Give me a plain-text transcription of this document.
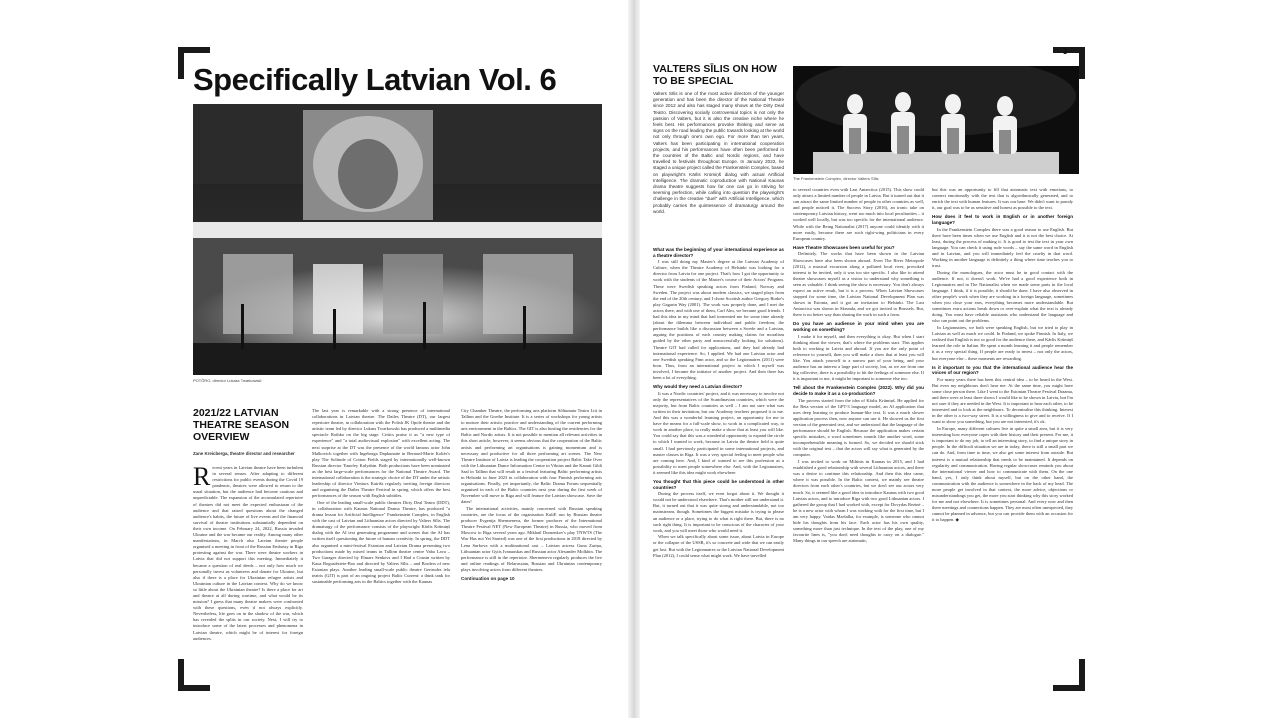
Specifically Latvian Vol. 6
POTÕRO, director Lukass Twarkowski
2021/22 LATVIAN THEATRE SEASON OVERVIEW
Zane Kreicberga, theatre director and researcher

Recent years in Latvian theatre have been turbulent in several senses. After adapting to different restrictions for public events during the Covid 19 pandemic, theatres were allowed to return to the usual situation, but the audience had become cautious and unpredictable. The expansion of the accumulated repertoire of theatres did not meet the expected enthusiasm of the audience and that raised questions about the changed audience's habits, the future of live events and the financial survival of theatre institutions substantially dependent on their own income. On February 24, 2022, Russia invaded Ukraine and the war became our reality. Among many other manifestations, in March also Latvian theatre people organised a meeting in front of the Russian Embassy in Riga protesting against the war. There were theatre workers in Latvia that did not support this meeting. Immediately it became a question of real deeds – not only how much we personally invest as volunteers and donate for Ukraine, but also if there is a place for Ukrainian refugee artists and Ukrainian culture in the Latvian context. Why do we know so little about the Ukrainian theatre? Is there a place for art and theatre at all during wartime, and what would be its mission? I guess that many theatre makers were confronted with these questions, even if not always explicitly. Nevertheless, life goes on in the shadow of the war, which has revealed the splits in our society. Next, I will try to introduce some of the latest processes and phenomena in Latvian theatre, which might be of interest for foreign audiences.

The last year is remarkable with a strong presence of international collaborations in Latvian theatre. The Dailes Theatre (DT), our largest repertoire theatre, in collaboration with the Polish JK Opole theatre and the artistic team led by director Lukass Twarkowski has produced a multimedia spectacle Rothko on the big stage. Critics praise it as "a new type of experience" and "a total audiovisual explosion" with excellent acting. The next surprise at the DT was the presence of the world famous actor John Malkovich together with Ingeborga Dapkunaite in Bernard-Marie Koltès's play The Solitude of Cotton Fields staged by internationally well-known Russian director Timofey Kulyabin. Both productions have been nominated as the best large-scale performances for the National Theatre Award. The international collaboration is the strategic choice of the DT under the artistic leadership of director Viesturs Kairišs regularly inviting foreign directors and organising the Dailes Theatre Festival in spring, which offers the best performances of the season with English subtitles.

One of the leading small-scale public theatres Dirty Deal Teatro (DDT), in collaboration with Kaunas National Drama Theatre, has produced "a drama lesson for Artificial Intelligence" Frankenstein Complex, in English with the cast of Latvian and Lithuanian actors directed by Valters Sīlis. The dramaturgy of the performance consists of the playwright Kārlis Krūmiņš dialog with the AI text generating programme and scenes that the AI has written itself questioning the future of human creativity. In spring, the DDT also organised a mini-festival Estonian and Latvian Drama presenting two productions made by mixed teams in Tallinn theatre centre Vaba Lava – Two Garages directed by Elmars Senkovs and I Had a Cousin written by Kaua Bogustēziete-Boo and directed by Valters Sīlis – and Borders of new Estonian plays. Another leading small-scale public theatre Gertrudes iela teatris (GIT) is part of an ongoing project Baltic Current: a think tank for sustainable performing arts in the Baltics together with the Kaunas

City Chamber Theatre, the performing arts platform Sõltumatu Teatru Liit in Tallinn and the Goethe Institute. It is a series of workshops for young artists to nurture their artistic practice and understanding of the current performing arts environment in the Baltics. The GIT is also hosting the residencies for the Baltic and Nordic artists. It is not possible to mention all relevant activities in this short article; however, it seems obvious that the cooperation of the Baltic artists and performing art organisations is gaining momentum and is necessary and productive for all three performing art scenes. The New Theatre Institute of Latvia is leading the cooperation project Baltic Take Over with the Lithuanian Dance Information Centre in Vilnius and the Kanuti Gildi Saal in Tallinn that will result in a festival featuring Baltic performing artists in Helsinki in June 2023 in collaboration with four Finnish performing arts organisations. Finally, yet importantly, the Baltic Drama Forum sequentially organised in each of the Baltic countries next year during the first week of November will move to Riga and will feature the Latvian showcase. Save the dates!

The international activities, mainly concerned with Russian speaking countries, are the focus of the organisation KultE run by Russian theatre producer Evgenija Shermeneva, the former producer of the International Theatre Festival NET (New European Theatre) in Russia, who moved from Moscow to Riga several years ago. Mikhail Durnenkov's play TNWTS (The War Has not Yet Started) was one of the first productions in 2018 directed by Lena Surkova with a multinational cast – Latvian actress Guna Zariņa, Lithuanian actor Gytis Ivanauskas and Russian actor Alexander Molkhin. The performance is still in the repertoire. Shermeneva regularly produces the live and online readings of Belarussian, Russian and Ukrainian contemporary plays involving actors from different theatres.

Continuation on page 10
3
VALTERS SĪLIS ON HOW TO BE SPECIAL
The Frankenstein Complex, director Valters Sīlis

Valters Sīlis is one of the most active directors of the younger generation and has been the director of the National Theatre since 2012 and also has staged many shows at the Dirty Deal Teatro. Discovering socially controversial topics is not only the passion of Valters, but it is also the creative niche where he feels best. His performances provoke thinking and serve as signs on the road leading the public towards looking at the world not only through one's own ego. For more than ten years, Valters has been participating in international cooperation projects, and his performances have often been performed in the countries of the Baltic and Nordic regions, and have travelled to festivals throughout Europe. In January 2022, he staged a unique project called the Frankenstein Complex, based on playwright's Kārlis Krūmiņš dialog with actual Artificial Intelligence. The dramatic coproduction with National Kaunas drama theatre suggests how far one can go in striving for seeming perfection, while calling into question the playwright's challenge in the creative "duel" with Artificial Intelligence, which probably carries the quintessence of dramaturgy around the world.

What was the beginning of your international experience as a theatre director?

I was still doing my Master's degree at the Latvian Academy of Culture, when the Theatre Academy of Helsinki was looking for a director from Latvia for one project. That's how I got the opportunity to work with the students of the Master's course of their Actors' Program. These were Swedish speaking actors from Finland, Norway and Sweden. The project was about modern classics, we staged plays from the end of the 20th century, and I chose Scottish author Gregory Burke's play Gagarin Way (2001). The work was properly done, and I met the actors there, and with one of them, Carl Alm, we became good friends. I had this idea in my mind that had tormented me for some time already (about the dilemma between individual and public freedom; the performance builds like a discussion between a Swede and a Latvian, arguing the positions of each country making claims for moralism guided by the other party and unsuccessfully looking for solutions). Theatre GIT had called for applications, and they had already had international experience. So, I applied. We had one Latvian actor and one Swedish speaking Finn actor, and so the Legionnaires (2011) were born. Thus, from an international project in which I myself was involved, I became the initiator of another project. And then there has been a lot of everything.

Why would they need a Latvian director?

It was a Nordic countries' project, and it was necessary to involve not only the representatives of the Scandinavian countries, which were the majority, but from Baltic countries as well – I am not sure what was written in their invitation, but our Academy teachers proposed it to me. And this was a wonderful learning project, an opportunity for me to have the means for a full-scale show, to work in a complicated way, to work in another place, to really make a show that at least you will like. You could say that this was a wonderful opportunity to expand the circle to which I wanted to work, because in Latvia the theatre field is quite small. I had previously participated in some international projects, and master classes in Riga. It was a very special feeling to meet people who are coming here. And, I kind of wanted to see this profession as a possibility to meet people somewhere else. And, with the Legionnaires, it seemed like this idea might work elsewhere.

You thought that this piece could be understood in other countries?

During the process itself, we even forgot about it. We thought it would not be understood elsewhere. That's mother still not understand it. But, it turned out that it was quite strong and understandable, not too mainstream, though. Sometimes the biggest mistake is trying to please an audience or a place, trying to do what is right there. But, there is no such right thing. It is important to be conscious of the character of your work, and you will meet those who would need it.

When we talk specifically about some issue, about Latvia in Europe or the collapse of the USSR, it's so concrete and wide that we can easily get lost. But with the Legionnaires or the Latvian National Development Plan (2012), I could sense what might work. We have travelled

to several countries even with Last Antarctica (2015). This show could only attract a limited number of people in Latvia. But it turned out that it can attract the same limited number of people in other countries as well, and people noticed it. The Success Story (2016), an ironic take on contemporary Latvian history, went too much into local peculiarities – it worked well locally, but was too specific for the international audience. While with the Being Nationalist (2017) anyone could identify with it more easily, because there are such right-wing politicians in every European country.

Have Theatre Showcases been useful for you?

Definitely. The works that have been shown in the Latvian Showcases have also been shown abroad. Even The River Metropole (2012), a musical excursion along a polluted local river, provoked interest to be invited, only it was too site specific. I also like to attend theatre showcases myself as a visitor to understand why something is seen as valuable. I think seeing the show is necessary. You don't always expect an active result, but it is a process. When Latvian Showcases stopped for some time, the Latvian National Development Plan was shown in Estonia, and it got an invitation to Helsinki. The Last Antarctica was shown in Skrunda, and we got invited to Brussels. But, there is no better way than sharing the work in such a form.

Do you have an audience in your mind when you are working on something?

I make it for myself, and then everything is okay. But when I start thinking about the viewer, that's where the problems start. This applies both to working in Latvia and abroad. If you are the only point of reference to yourself, then you will make a show that at least you will like. You attach yourself to a narrow part of your being, and your audience has an interest a large part of society, but, as we are from one big collective, there is a possibility to hit the feelings of someone else. If it is important to me, it might be important to someone else too.

Tell about the Frankenstein Complex (2022). Why did you decide to make it as a co-production?

The process started from the idea of Kārlis Krūmiņš. He applied for the Beta version of the GPT-3 language model, an AI application that uses deep learning to produce human-like text. It was a much slower application process then, now anyone can use it. He showed us the first version of the generated text, and we understood that the language of the performance should be English. Because the application makes certain specific mistakes, a word sometimes sounds like another word, some incomprehensible meaning is formed. So, we decided we should stick with the original text – that the actors will say what is generated by the computer.

I was invited to work on Miltinis in Kaunas in 2015, and I had established a good relationship with several Lithuanian actors, and there was a desire to continue this relationship. And then this idea came, where it was possible. In the Baltic context, we mainly see theatre directors from each other's countries, but we don't see our actors very much. So, it seemed like a good idea to introduce Kaunas with two good Latvian actors, and to introduce Riga with two good Lithuanian actors. I gathered the group that I had worked with, except for Dovydas Rezinė – he is a new actor with whom I was working with for the first time, but I am very happy. Vaidas Maršalka, for example, is someone who cannot hide his thoughts from his face. Each actor has his own quality, something more than just technique. In the text of the play, one of my favourite lines is, "you don't need thoughts to carry on a dialogue." Many things in our speech are automatic,

but this was an opportunity to fill that automatic text with emotions, to connect emotionally with the text that is algorithmically generated, and to enrich the text with human features. It was our base. We didn't want to parody it, our goal was to be as sensitive and honest as possible to the text.

How does it feel to work in English or in another foreign language?

In the Frankenstein Complex there was a good reason to use English. But there have been times when we use English and it is not the best choice. At least, during the process of making it. It is good to test the text in your own language. You can check it using rude words – say the same word in English and in Latvian, and you will immediately feel the cruelty in that word. Working in another language is definitely a thing where time teaches you to trust.

During the monologues, the actor must be in good contact with the audience. If not, it doesn't work. We've had a good experience both in Legionnaires and in The Nationalist when we made some parts in the local language. I think, if it is possible, it should be done. I have also observed in other people's work when they are working in a foreign language, sometimes when you close your ears, everything becomes more understandable. But sometimes extra actions break down or over-explain what the text is already doing. You must have reliable assistants who understand the language and who can point out the problems.

In Legionnaires, we both were speaking English, but we tried to play in Latvian as well as much we could. In Finland, we spoke Finnish. In Italy, we realised that English is not so good for the audience there, and Kārlis Krūmiņš learned the role in Italian. He spent a month learning it and people remember it as a very special thing. If people are ready to invest – not only the actors, but everyone else – these moments are rewarding.

Is it important to you that the international audience hear the voices of our region?

For many years there has been this central idea – to be heard in the West. But even my neighbours don't hear me. At the same time, you might have some close person there. Like I went to the Estonian Theatre Festival Draama, and there were at least three shows I would like to be shown in Latvia, but I'm not sure if they are needed in the West. It is important to hear each other, to be interested and to look at the neighbours. To decentralise this thinking. Interest in the other is a two-way street. It is a willingness to give and to receive. If I want to show you something, but you are not interested, it's ok.

In Europe, many different cultures live in quite a small area, but it is very interesting how everyone copes with their history and their present. For me, it is important to do my job, to tell an interesting story, to find a unique story in people. In the difficult situation we are in today, there is still a small part we can do. And, from time to time, we also get some interest from outside. But interest is a mutual relationship that needs to be maintained. It depends on regularity and communication. Having regular showcases reminds you about the international viewer and how to communicate with them. On the one hand, yes, I only think about myself, but on the other hand, the communication with the audience is somewhere in the back of my head. The more people get involved in that context, the more advice, objections or misunderstandings you get, the more you start thinking why this story worked for me and not elsewhere. It is sometimes personal. And every now and then there meetings and connections happen. They are most often unexpected, they cannot be planned in advance, but you can provide them with an occasion for it to happen. ◆
